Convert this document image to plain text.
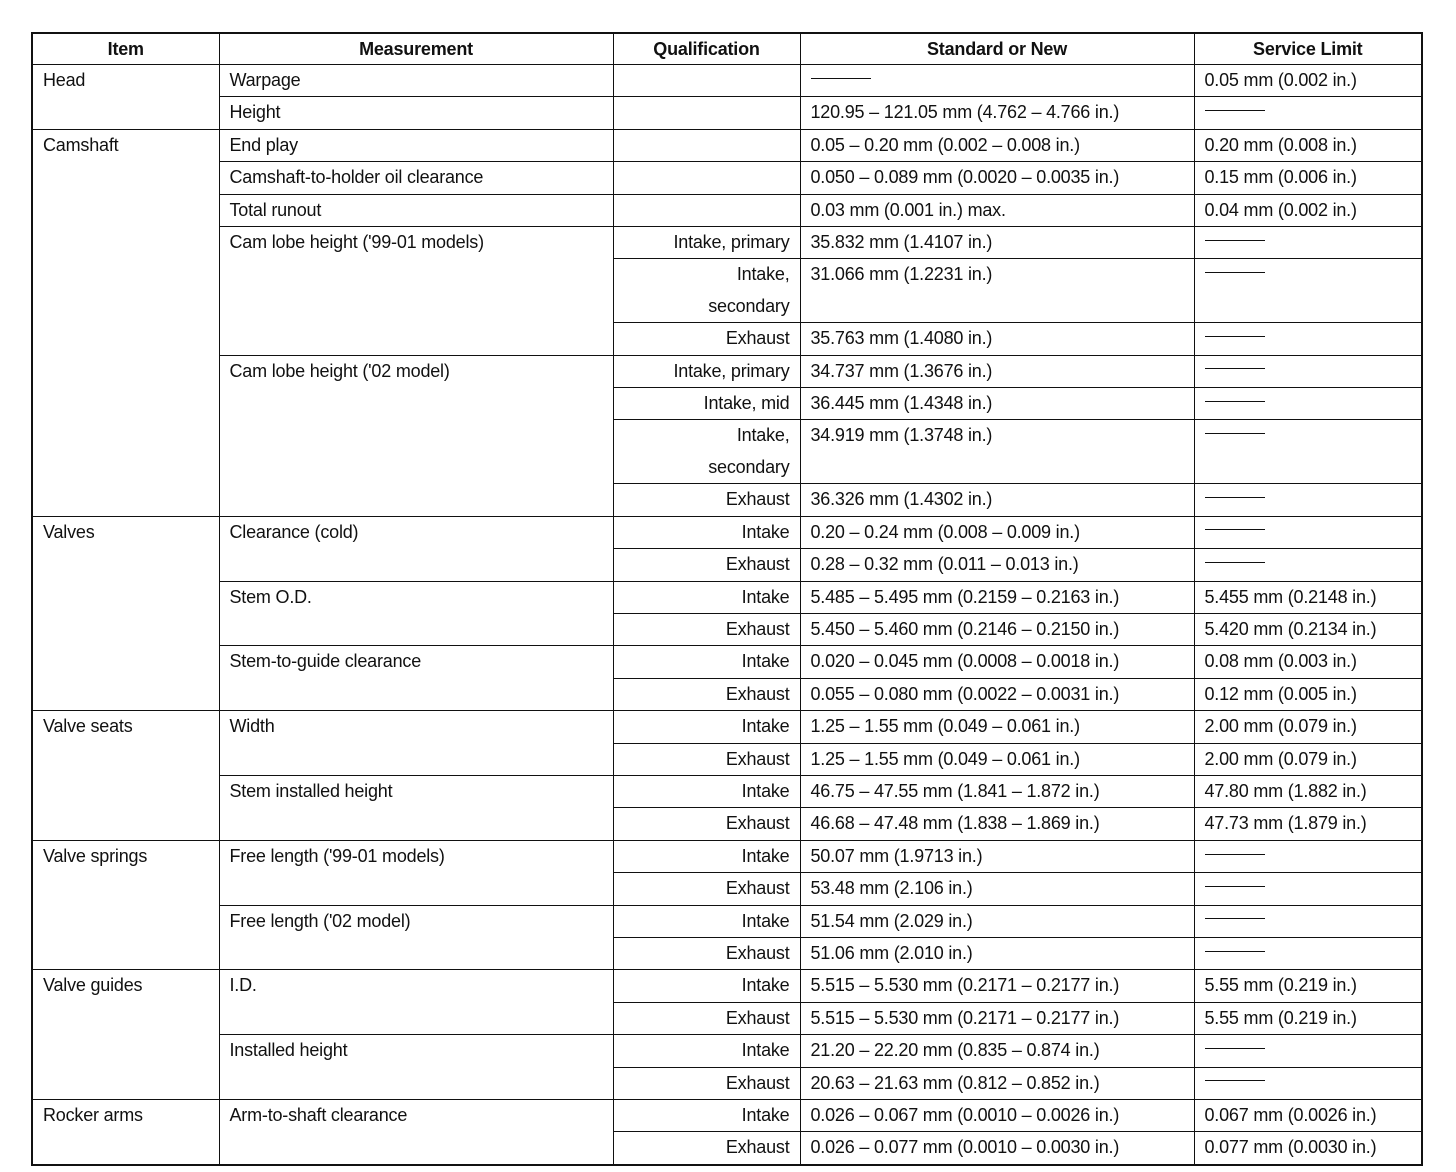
Item	Measurement	Qualification	Standard or New	Service Limit
Head	Warpage			0.05 mm (0.002 in.)
	Height		120.95 – 121.05 mm (4.762 – 4.766 in.)	
Camshaft	End play		0.05 – 0.20 mm (0.002 – 0.008 in.)	0.20 mm (0.008 in.)
	Camshaft-to-holder oil clearance		0.050 – 0.089 mm (0.0020 – 0.0035 in.)	0.15 mm (0.006 in.)
	Total runout		0.03 mm (0.001 in.) max.	0.04 mm (0.002 in.)
	Cam lobe height ('99-01 models)	Intake, primary	35.832 mm (1.4107 in.)	
		Intake, secondary	31.066 mm (1.2231 in.)	
		Exhaust	35.763 mm (1.4080 in.)	
	Cam lobe height ('02 model)	Intake, primary	34.737 mm (1.3676 in.)	
		Intake, mid	36.445 mm (1.4348 in.)	
		Intake, secondary	34.919 mm (1.3748 in.)	
		Exhaust	36.326 mm (1.4302 in.)	
Valves	Clearance (cold)	Intake	0.20 – 0.24 mm (0.008 – 0.009 in.)	
		Exhaust	0.28 – 0.32 mm (0.011 – 0.013 in.)	
	Stem O.D.	Intake	5.485 – 5.495 mm (0.2159 – 0.2163 in.)	5.455 mm (0.2148 in.)
		Exhaust	5.450 – 5.460 mm (0.2146 – 0.2150 in.)	5.420 mm (0.2134 in.)
	Stem-to-guide clearance	Intake	0.020 – 0.045 mm (0.0008 – 0.0018 in.)	0.08 mm (0.003 in.)
		Exhaust	0.055 – 0.080 mm (0.0022 – 0.0031 in.)	0.12 mm (0.005 in.)
Valve seats	Width	Intake	1.25 – 1.55 mm (0.049 – 0.061 in.)	2.00 mm (0.079 in.)
		Exhaust	1.25 – 1.55 mm (0.049 – 0.061 in.)	2.00 mm (0.079 in.)
	Stem installed height	Intake	46.75 – 47.55 mm (1.841 – 1.872 in.)	47.80 mm (1.882 in.)
		Exhaust	46.68 – 47.48 mm (1.838 – 1.869 in.)	47.73 mm (1.879 in.)
Valve springs	Free length ('99-01 models)	Intake	50.07 mm (1.9713 in.)	
		Exhaust	53.48 mm (2.106 in.)	
	Free length ('02 model)	Intake	51.54 mm (2.029 in.)	
		Exhaust	51.06 mm (2.010 in.)	
Valve guides	I.D.	Intake	5.515 – 5.530 mm (0.2171 – 0.2177 in.)	5.55 mm (0.219 in.)
		Exhaust	5.515 – 5.530 mm (0.2171 – 0.2177 in.)	5.55 mm (0.219 in.)
	Installed height	Intake	21.20 – 22.20 mm (0.835 – 0.874 in.)	
		Exhaust	20.63 – 21.63 mm (0.812 – 0.852 in.)	
Rocker arms	Arm-to-shaft clearance	Intake	0.026 – 0.067 mm (0.0010 – 0.0026 in.)	0.067 mm (0.0026 in.)
		Exhaust	0.026 – 0.077 mm (0.0010 – 0.0030 in.)	0.077 mm (0.0030 in.)
